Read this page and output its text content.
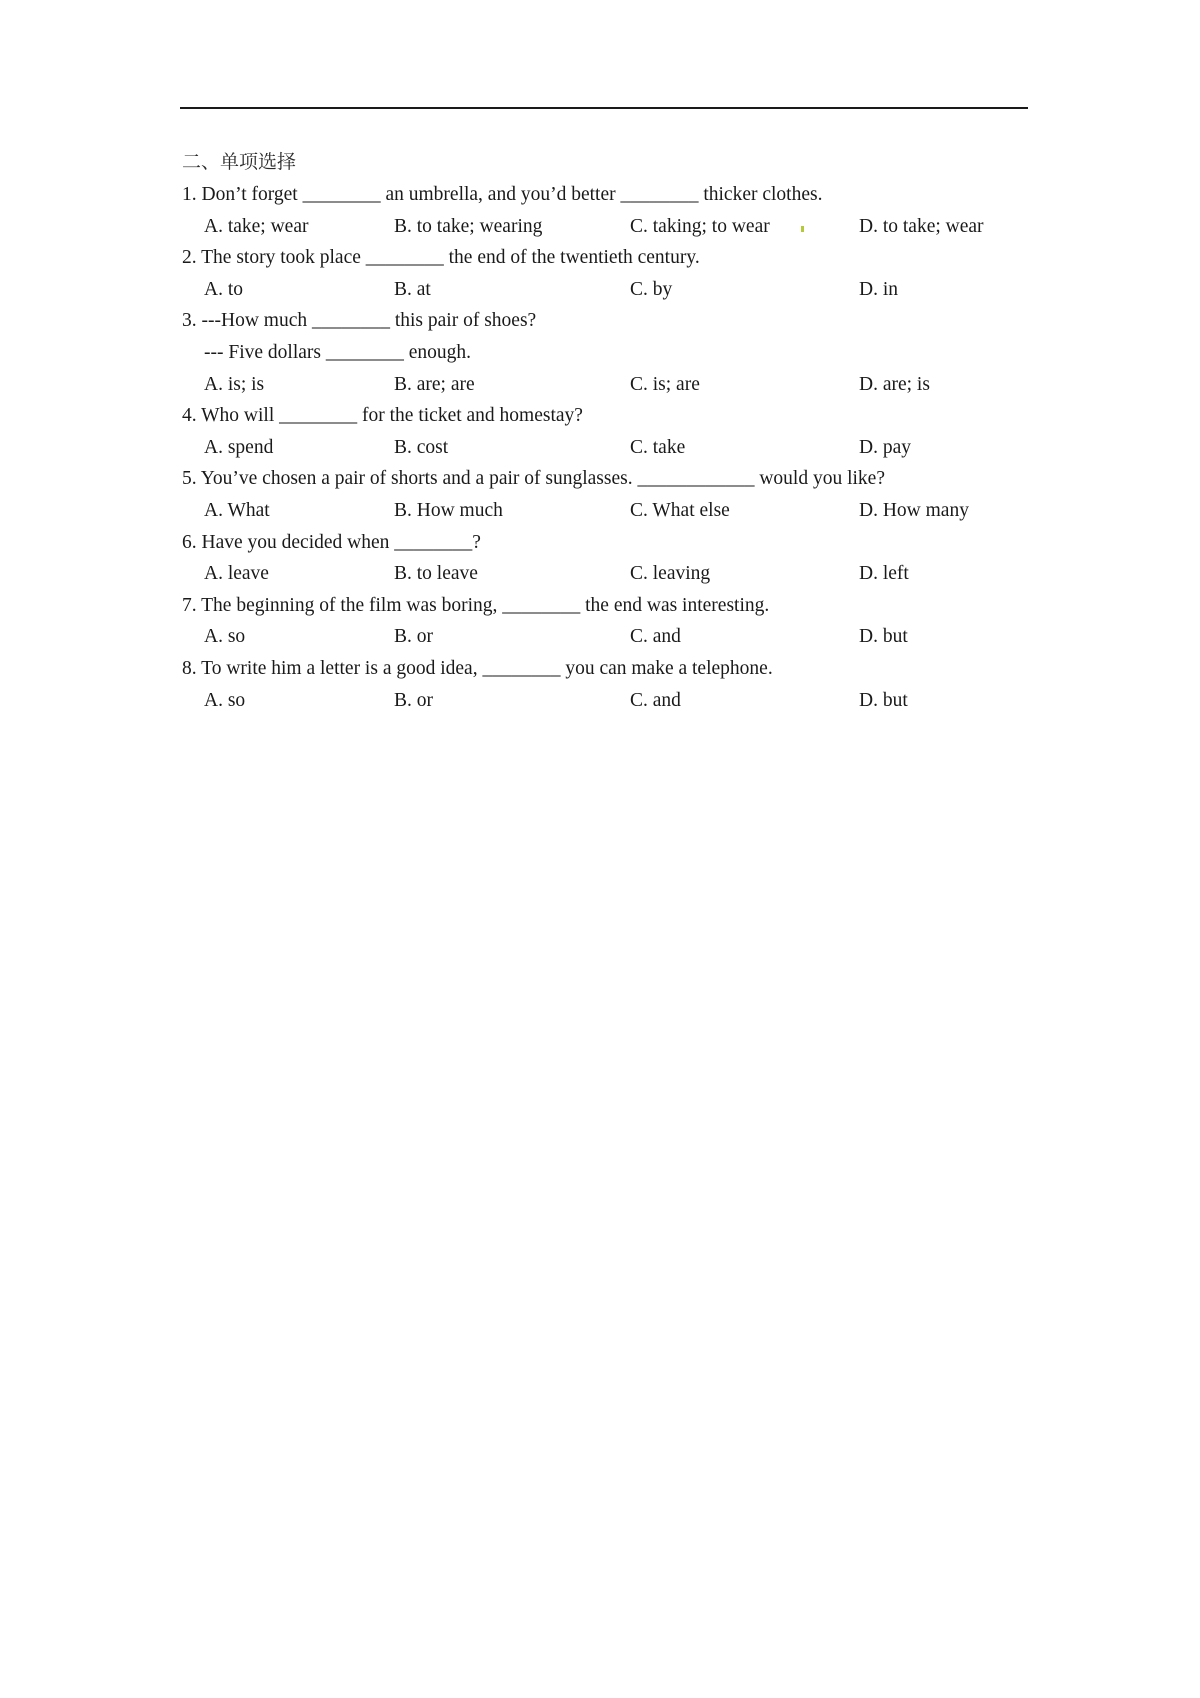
二、单项选择
1. Don’t forget ________ an umbrella, and you’d better ________ thicker clothes.
A. take; wear	B. to take; wearing	C. taking; to wear	D. to take; wear
2. The story took place ________ the end of the twentieth century.
A. to	B. at	C. by	D. in
3. ---How much ________ this pair of shoes?
--- Five dollars ________ enough.
A. is; is	B. are; are	C. is; are	D. are; is
4. Who will ________ for the ticket and homestay?
A. spend	B. cost	C. take	D. pay
5. You’ve chosen a pair of shorts and a pair of sunglasses. ____________ would you like?
A. What	B. How much	C. What else	D. How many
6. Have you decided when ________?
A. leave	B. to leave	C. leaving	D. left
7. The beginning of the film was boring, ________ the end was interesting.
A. so	B. or	C. and	D. but
8. To write him a letter is a good idea, ________ you can make a telephone.
A. so	B. or	C. and	D. but
